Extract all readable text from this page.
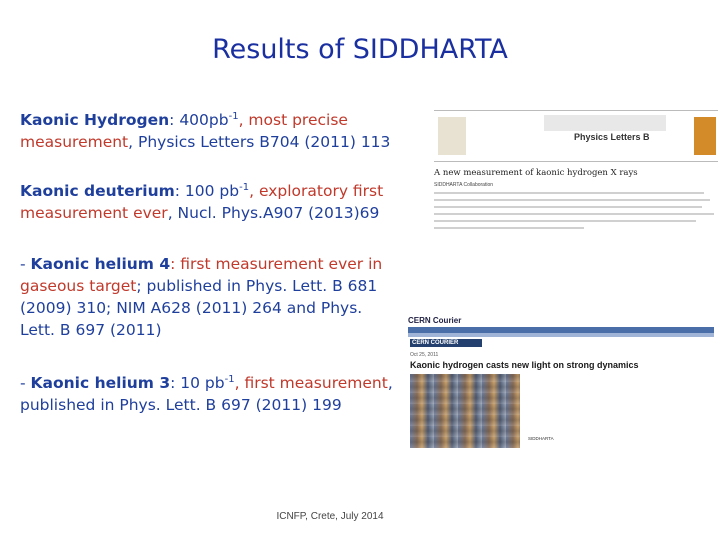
Results of SIDDHARTA
Kaonic Hydrogen: $400pb^{-1}$, most precise measurement, Physics Letters B704 (2011) 113
Kaonic deuterium: 100 $pb^{-1}$, exploratory first measurement ever, Nucl. Phys.A907 (2013)69
- Kaonic helium 4: first measurement ever in gaseous target; published in Phys. Lett. B 681 (2009) 310; NIM A628 (2011) 264 and Phys. Lett. B 697 (2011)
- Kaonic helium 3: 10 $pb^{-1}$, first measurement, published in Phys. Lett. B 697 (2011) 199
Physics Letters B
A new measurement of kaonic hydrogen X rays
SIDDHARTA Collaboration
CERN Courier
CERN COURIER
Oct 25, 2011
Kaonic hydrogen casts new light on strong dynamics
SIDDHARTA
ICNFP, Crete, July 2014
